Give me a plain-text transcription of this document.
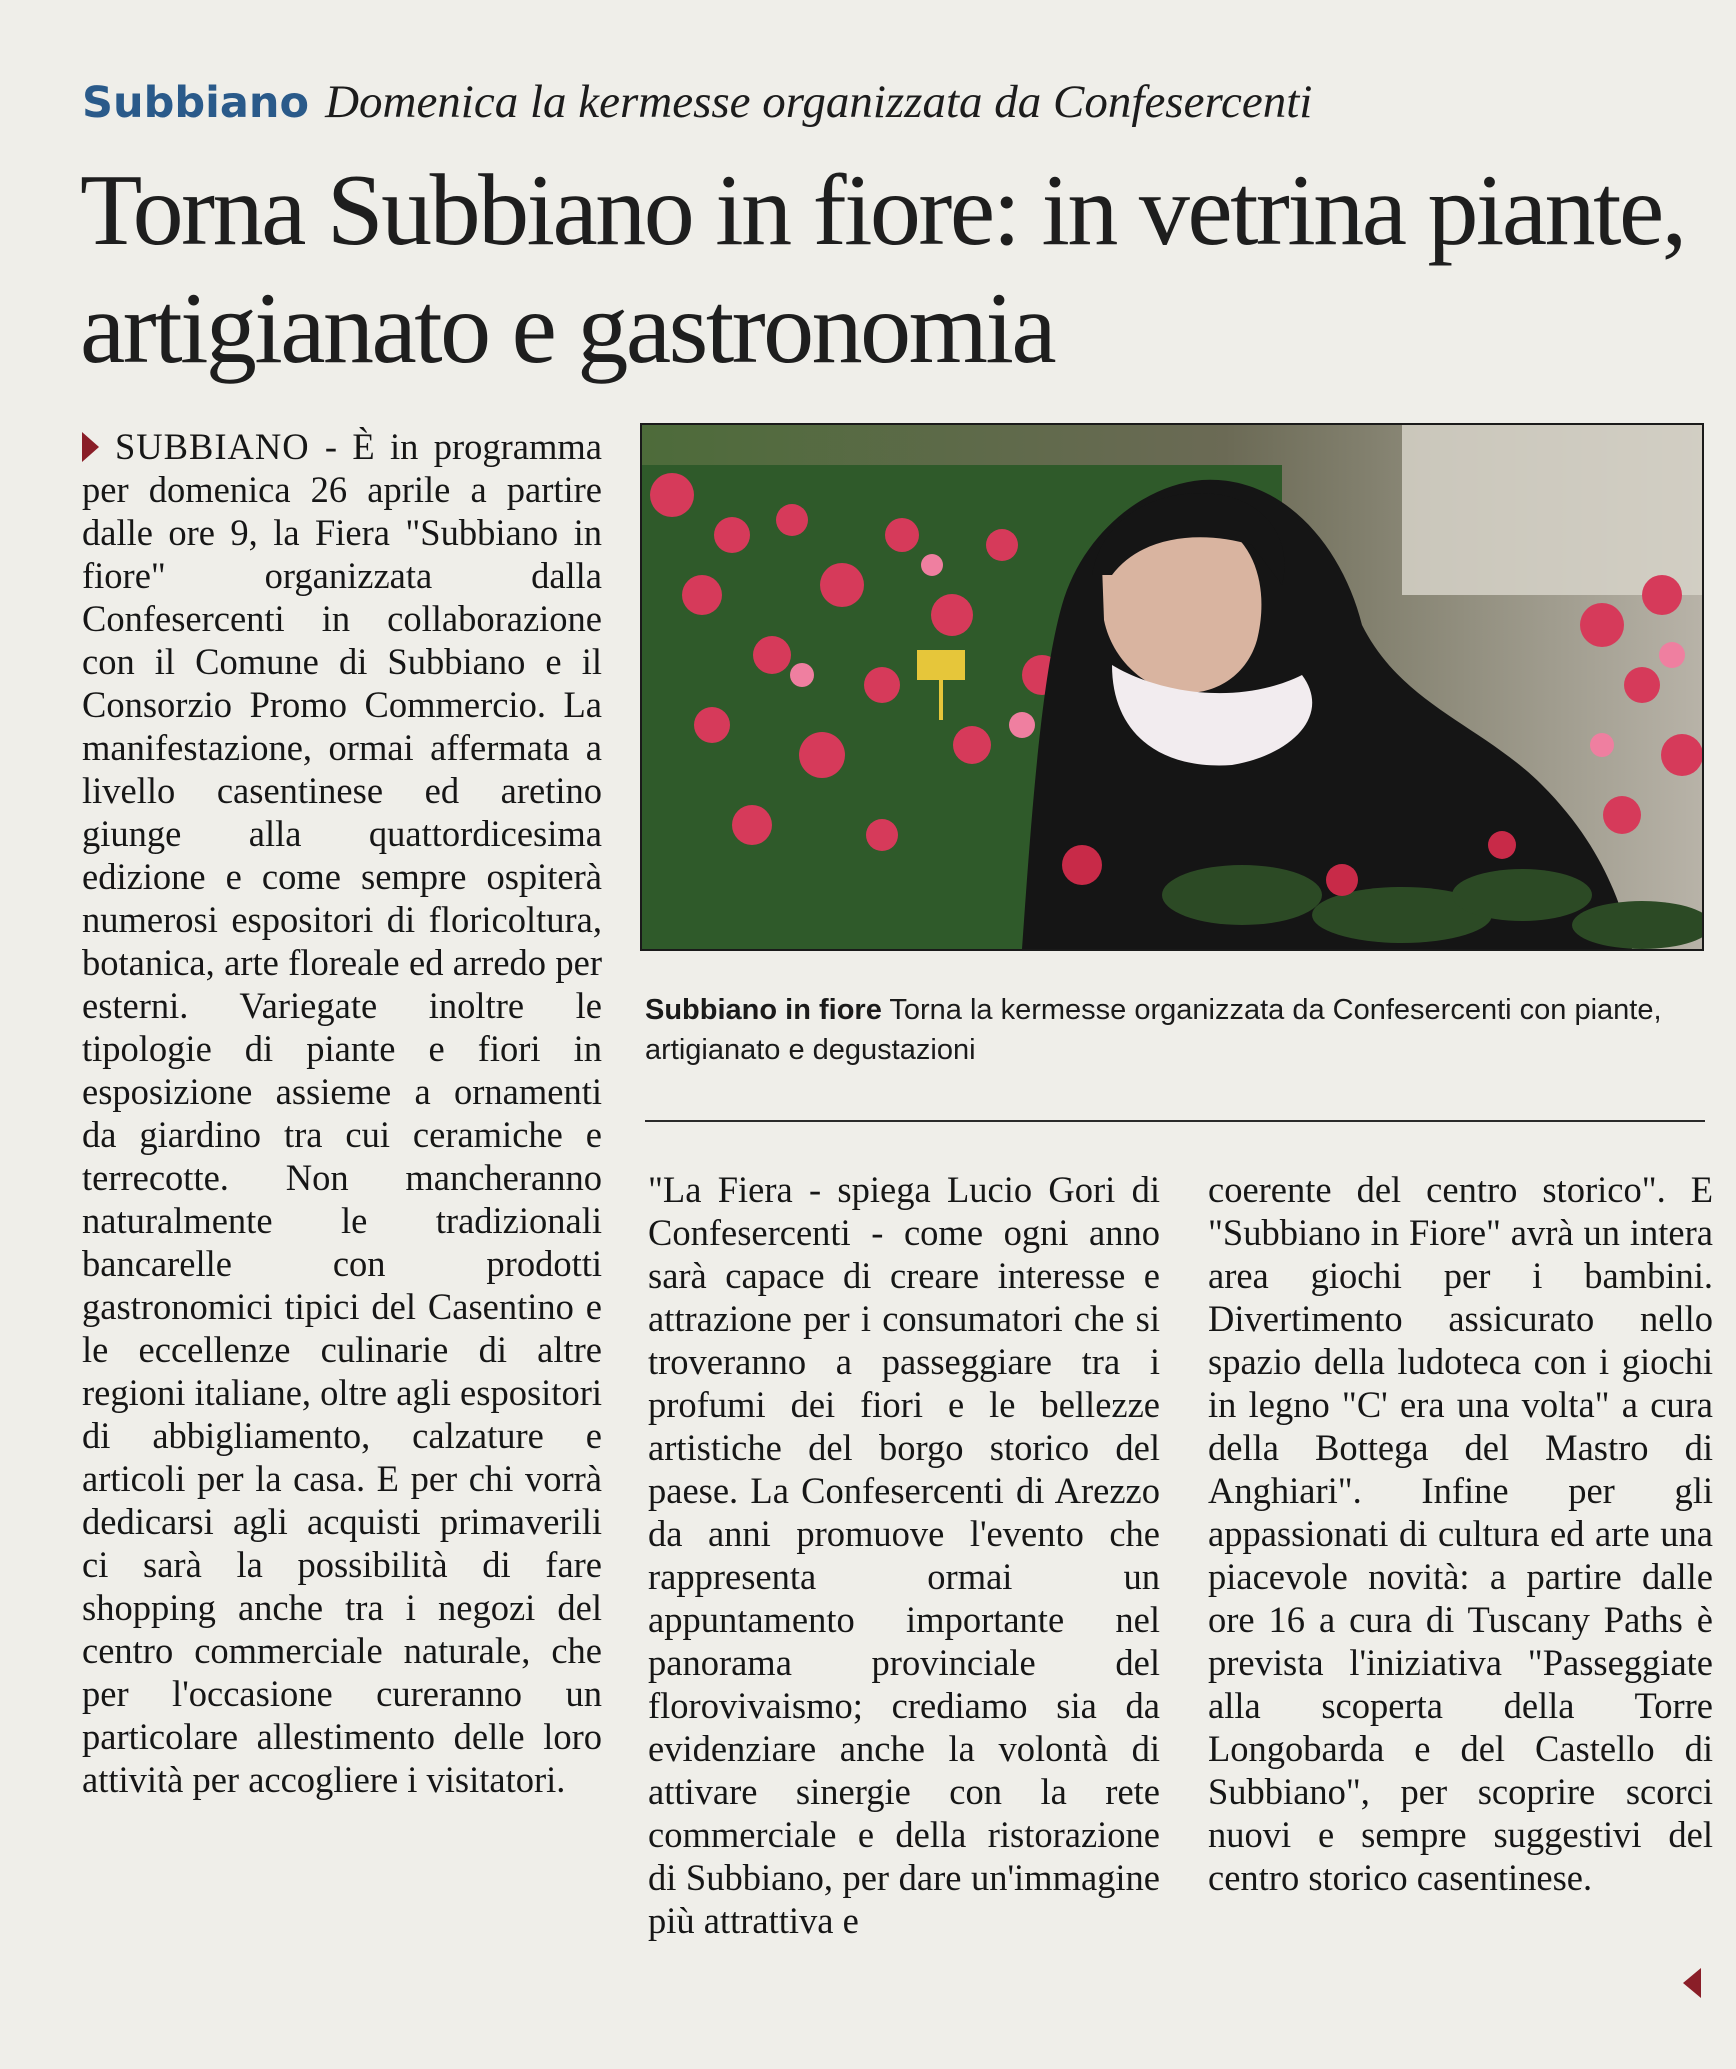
Subbiano Domenica la kermesse organizzata da Confesercenti
Torna Subbiano in fiore: in vetrina piante, artigianato e gastronomia
Subbiano in fiore Torna la kermesse organizzata da Confesercenti con piante, artigianato e degustazioni

SUBBIANO - È in programma per domenica 26 aprile a partire dalle ore 9, la Fiera "Subbiano in fiore" organizzata dalla Confesercenti in collaborazione con il Comune di Subbiano e il Consorzio Promo Commercio. La manifestazione, ormai affermata a livello casentinese ed aretino giunge alla quattordicesima edizione e come sempre ospiterà numerosi espositori di floricoltura, botanica, arte floreale ed arredo per esterni. Variegate inoltre le tipologie di piante e fiori in esposizione assieme a ornamenti da giardino tra cui ceramiche e terrecotte. Non mancheranno naturalmente le tradizionali bancarelle con prodotti gastronomici tipici del Casentino e le eccellenze culinarie di altre regioni italiane, oltre agli espositori di abbigliamento, calzature e articoli per la casa. E per chi vorrà dedicarsi agli acquisti primaverili ci sarà la possibilità di fare shopping anche tra i negozi del centro commerciale naturale, che per l'occasione cureranno un particolare allestimento delle loro attività per accogliere i visitatori.

"La Fiera - spiega Lucio Gori di Confesercenti - come ogni anno sarà capace di creare interesse e attrazione per i consumatori che si troveranno a passeggiare tra i profumi dei fiori e le bellezze artistiche del borgo storico del paese. La Confesercenti di Arezzo da anni promuove l'evento che rappresenta ormai un appuntamento importante nel panorama provinciale del florovivaismo; crediamo sia da evidenziare anche la volontà di attivare sinergie con la rete commerciale e della ristorazione di Subbiano, per dare un'immagine più attrattiva e

coerente del centro storico". E "Subbiano in Fiore" avrà un intera area giochi per i bambini. Divertimento assicurato nello spazio della ludoteca con i giochi in legno "C' era una volta" a cura della Bottega del Mastro di Anghiari". Infine per gli appassionati di cultura ed arte una piacevole novità: a partire dalle ore 16 a cura di Tuscany Paths è prevista l'iniziativa "Passeggiate alla scoperta della Torre Longobarda e del Castello di Subbiano", per scoprire scorci nuovi e sempre suggestivi del centro storico casentinese.
